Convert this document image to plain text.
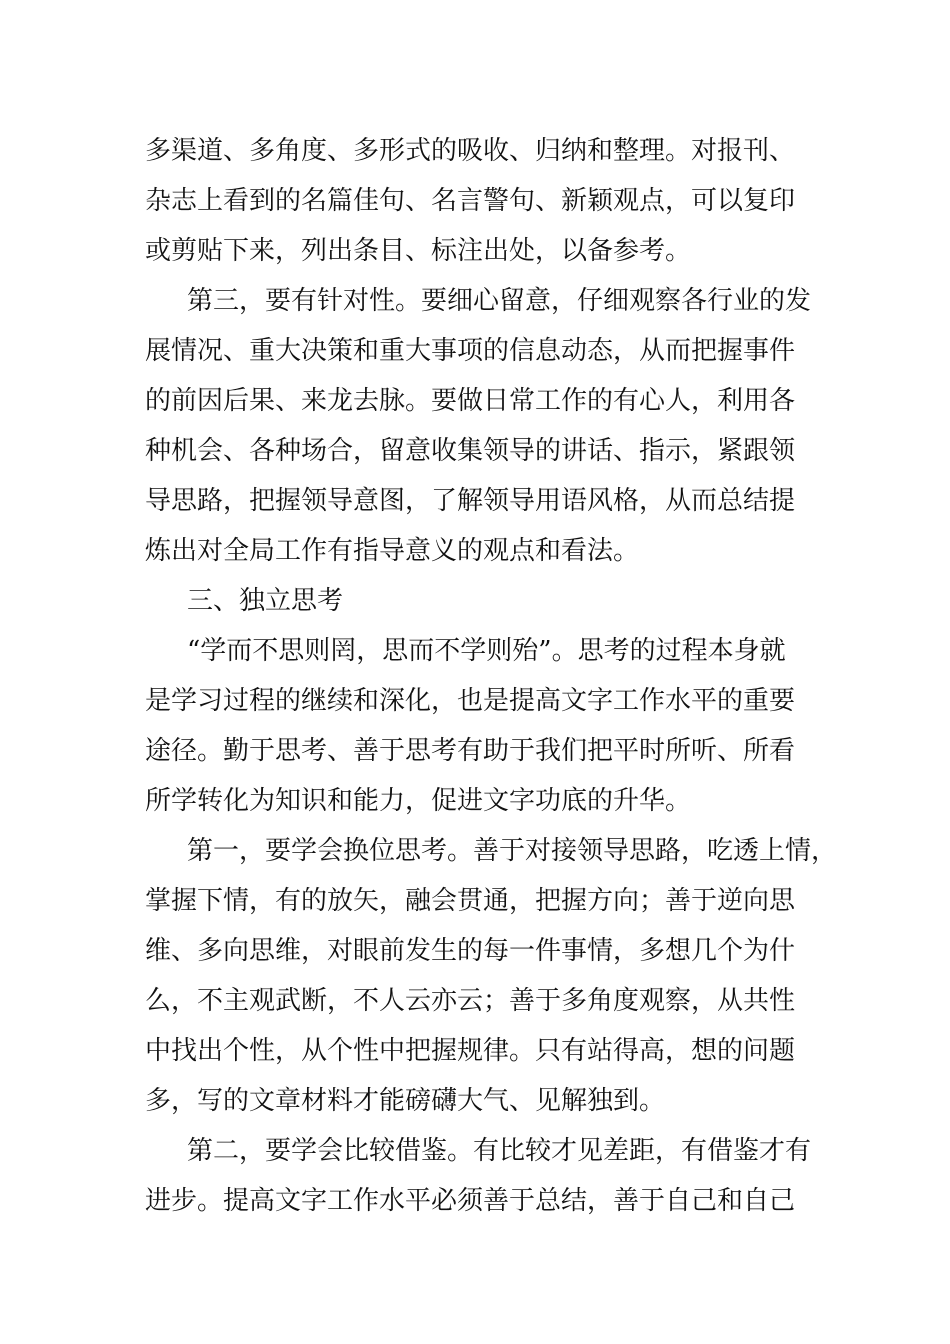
多渠道、多角度、多形式的吸收、归纳和整理。对报刊、
杂志上看到的名篇佳句、名言警句、新颖观点，可以复印
或剪贴下来，列出条目、标注出处，以备参考。
第三，要有针对性。要细心留意，仔细观察各行业的发
展情况、重大决策和重大事项的信息动态，从而把握事件
的前因后果、来龙去脉。要做日常工作的有心人，利用各
种机会、各种场合，留意收集领导的讲话、指示，紧跟领
导思路，把握领导意图，了解领导用语风格，从而总结提
炼出对全局工作有指导意义的观点和看法。
三、独立思考
“学而不思则罔，思而不学则殆”。思考的过程本身就
是学习过程的继续和深化，也是提高文字工作水平的重要
途径。勤于思考、善于思考有助于我们把平时所听、所看
所学转化为知识和能力，促进文字功底的升华。
第一，要学会换位思考。善于对接领导思路，吃透上情，
掌握下情，有的放矢，融会贯通，把握方向；善于逆向思
维、多向思维，对眼前发生的每一件事情，多想几个为什
么，不主观武断，不人云亦云；善于多角度观察，从共性
中找出个性，从个性中把握规律。只有站得高，想的问题
多，写的文章材料才能磅礴大气、见解独到。
第二，要学会比较借鉴。有比较才见差距，有借鉴才有
进步。提高文字工作水平必须善于总结，善于自己和自己
